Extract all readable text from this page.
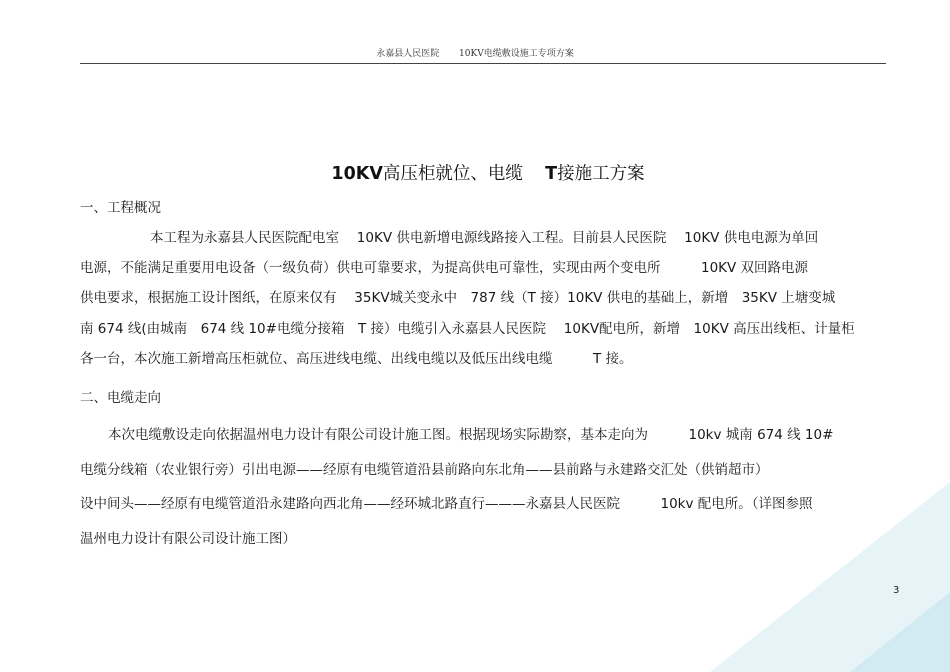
永嘉县人民医院 10KV电缆敷设施工专项方案
10KV高压柜就位、电缆 T接施工方案
一、工程概况
本工程为永嘉县人民医院配电室　 10KV 供电新增电源线路接入工程。目前县人民医院　 10KV 供电电源为单回
电源，不能满足重要用电设备（一级负荷）供电可靠要求，为提高供电可靠性，实现由两个变电所　　　10KV 双回路电源
供电要求，根据施工设计图纸，在原来仅有　 35KV城关变永中　787 线（T 接）10KV 供电的基础上，新增　35KV 上塘变城
南 674 线(由城南　674 线 10#电缆分接箱　T 接）电缆引入永嘉县人民医院　 10KV配电所，新增　10KV 高压出线柜、计量柜
各一台，本次施工新增高压柜就位、高压进线电缆、出线电缆以及低压出线电缆　　　T 接。
二、电缆走向
本次电缆敷设走向依据温州电力设计有限公司设计施工图。根据现场实际勘察，基本走向为　　　10kv 城南 674 线 10#
电缆分线箱（农业银行旁）引出电源——经原有电缆管道沿县前路向东北角——县前路与永建路交汇处（供销超市）
设中间头——经原有电缆管道沿永建路向西北角——经环城北路直行———永嘉县人民医院　　　10kv 配电所。（详图参照
温州电力设计有限公司设计施工图）
3
